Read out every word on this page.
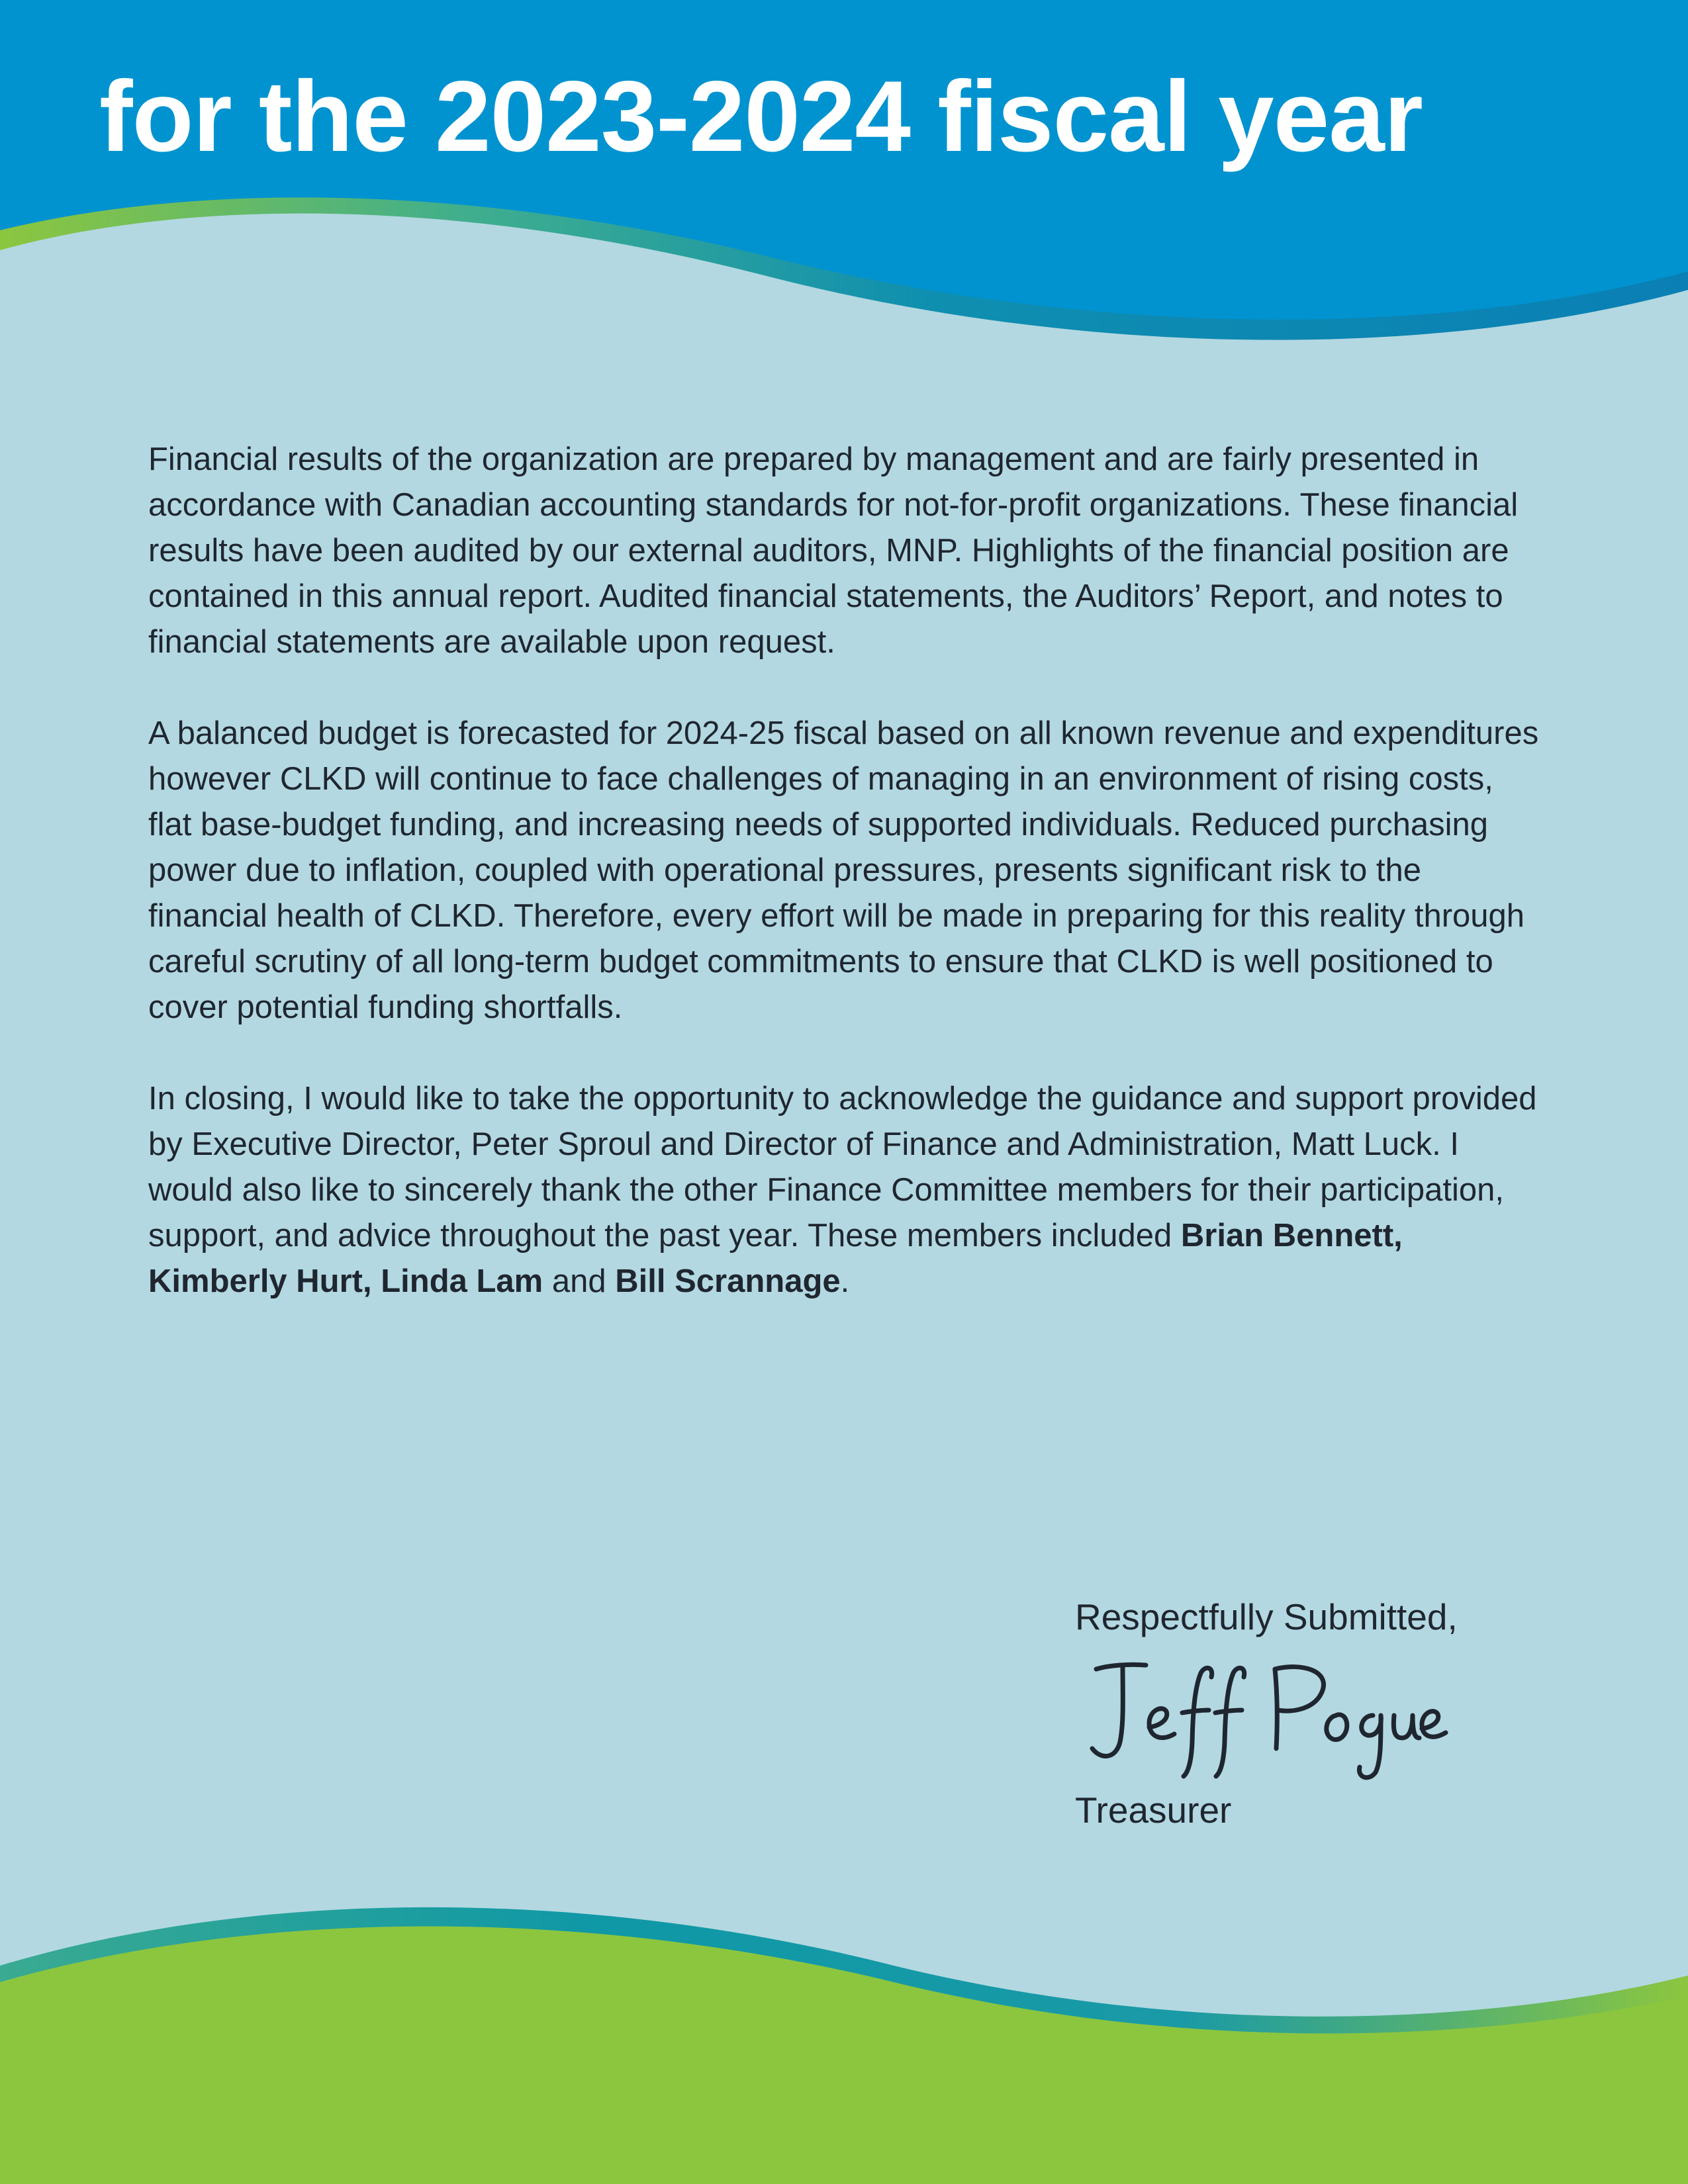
for the 2023-2024 fiscal year

Financial results of the organization are prepared by management and are fairly presented in accordance with Canadian accounting standards for not-for-profit organizations. These financial results have been audited by our external auditors, MNP. Highlights of the financial position are contained in this annual report. Audited financial statements, the Auditors’ Report, and notes to financial statements are available upon request.

A balanced budget is forecasted for 2024-25 fiscal based on all known revenue and expenditures however CLKD will continue to face challenges of managing in an environment of rising costs, flat base-budget funding, and increasing needs of supported individuals. Reduced purchasing power due to inflation, coupled with operational pressures, presents significant risk to the financial health of CLKD. Therefore, every effort will be made in preparing for this reality through careful scrutiny of all long-term budget commitments to ensure that CLKD is well positioned to cover potential funding shortfalls.

In closing, I would like to take the opportunity to acknowledge the guidance and support provided by Executive Director, Peter Sproul and Director of Finance and Administration, Matt Luck. I would also like to sincerely thank the other Finance Committee members for their participation, support, and advice throughout the past year. These members included Brian Bennett, Kimberly Hurt, Linda Lam and Bill Scrannage.

Respectfully Submitted,
Treasurer
